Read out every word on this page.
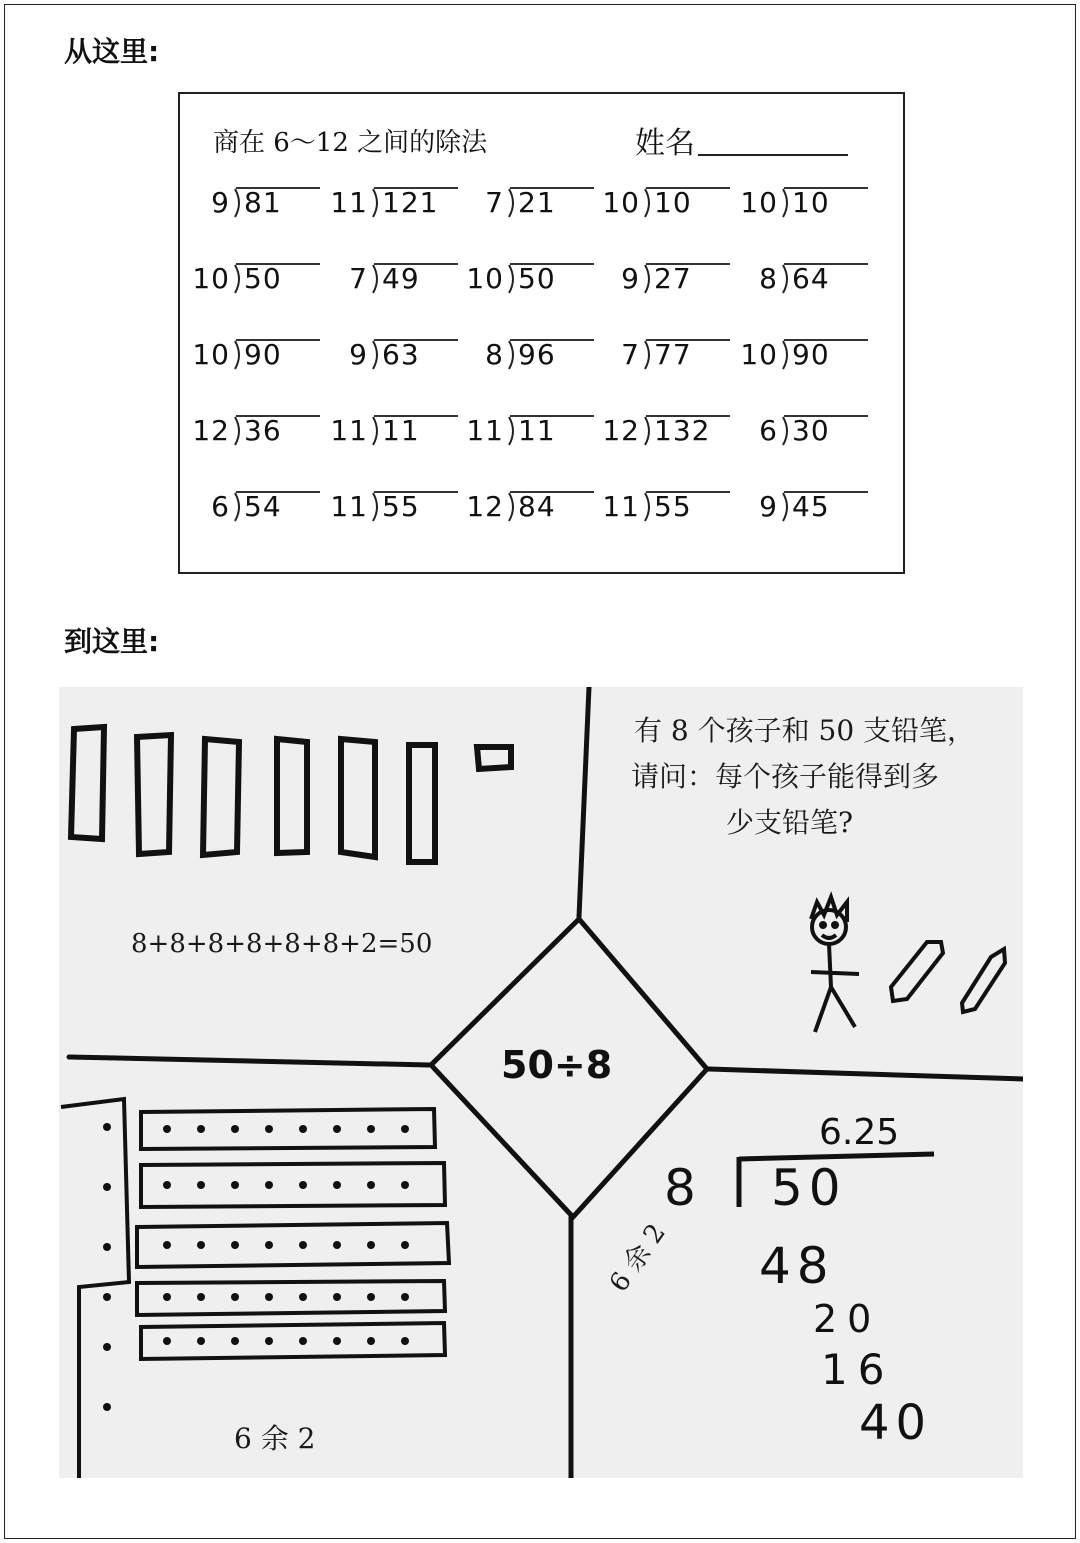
从这里:
商在 6～12 之间的除法	姓名
9 81 11 121 7 21 10 10 10 10
10 50 7 49 10 50 9 27 8 64
10 90 9 63 8 96 7 77 10 90
12 36 11 11 11 11 12 132 6 30
6 54 11 55 12 84 11 55 9 45
到这里:
有 8 个孩子和 50 支铅笔，
请问：每个孩子能得到多
少支铅笔?
8+8+8+8+8+8+2=50
50÷8
6 余 2
6 余 2
6.25
8 50
48
20
16
40
